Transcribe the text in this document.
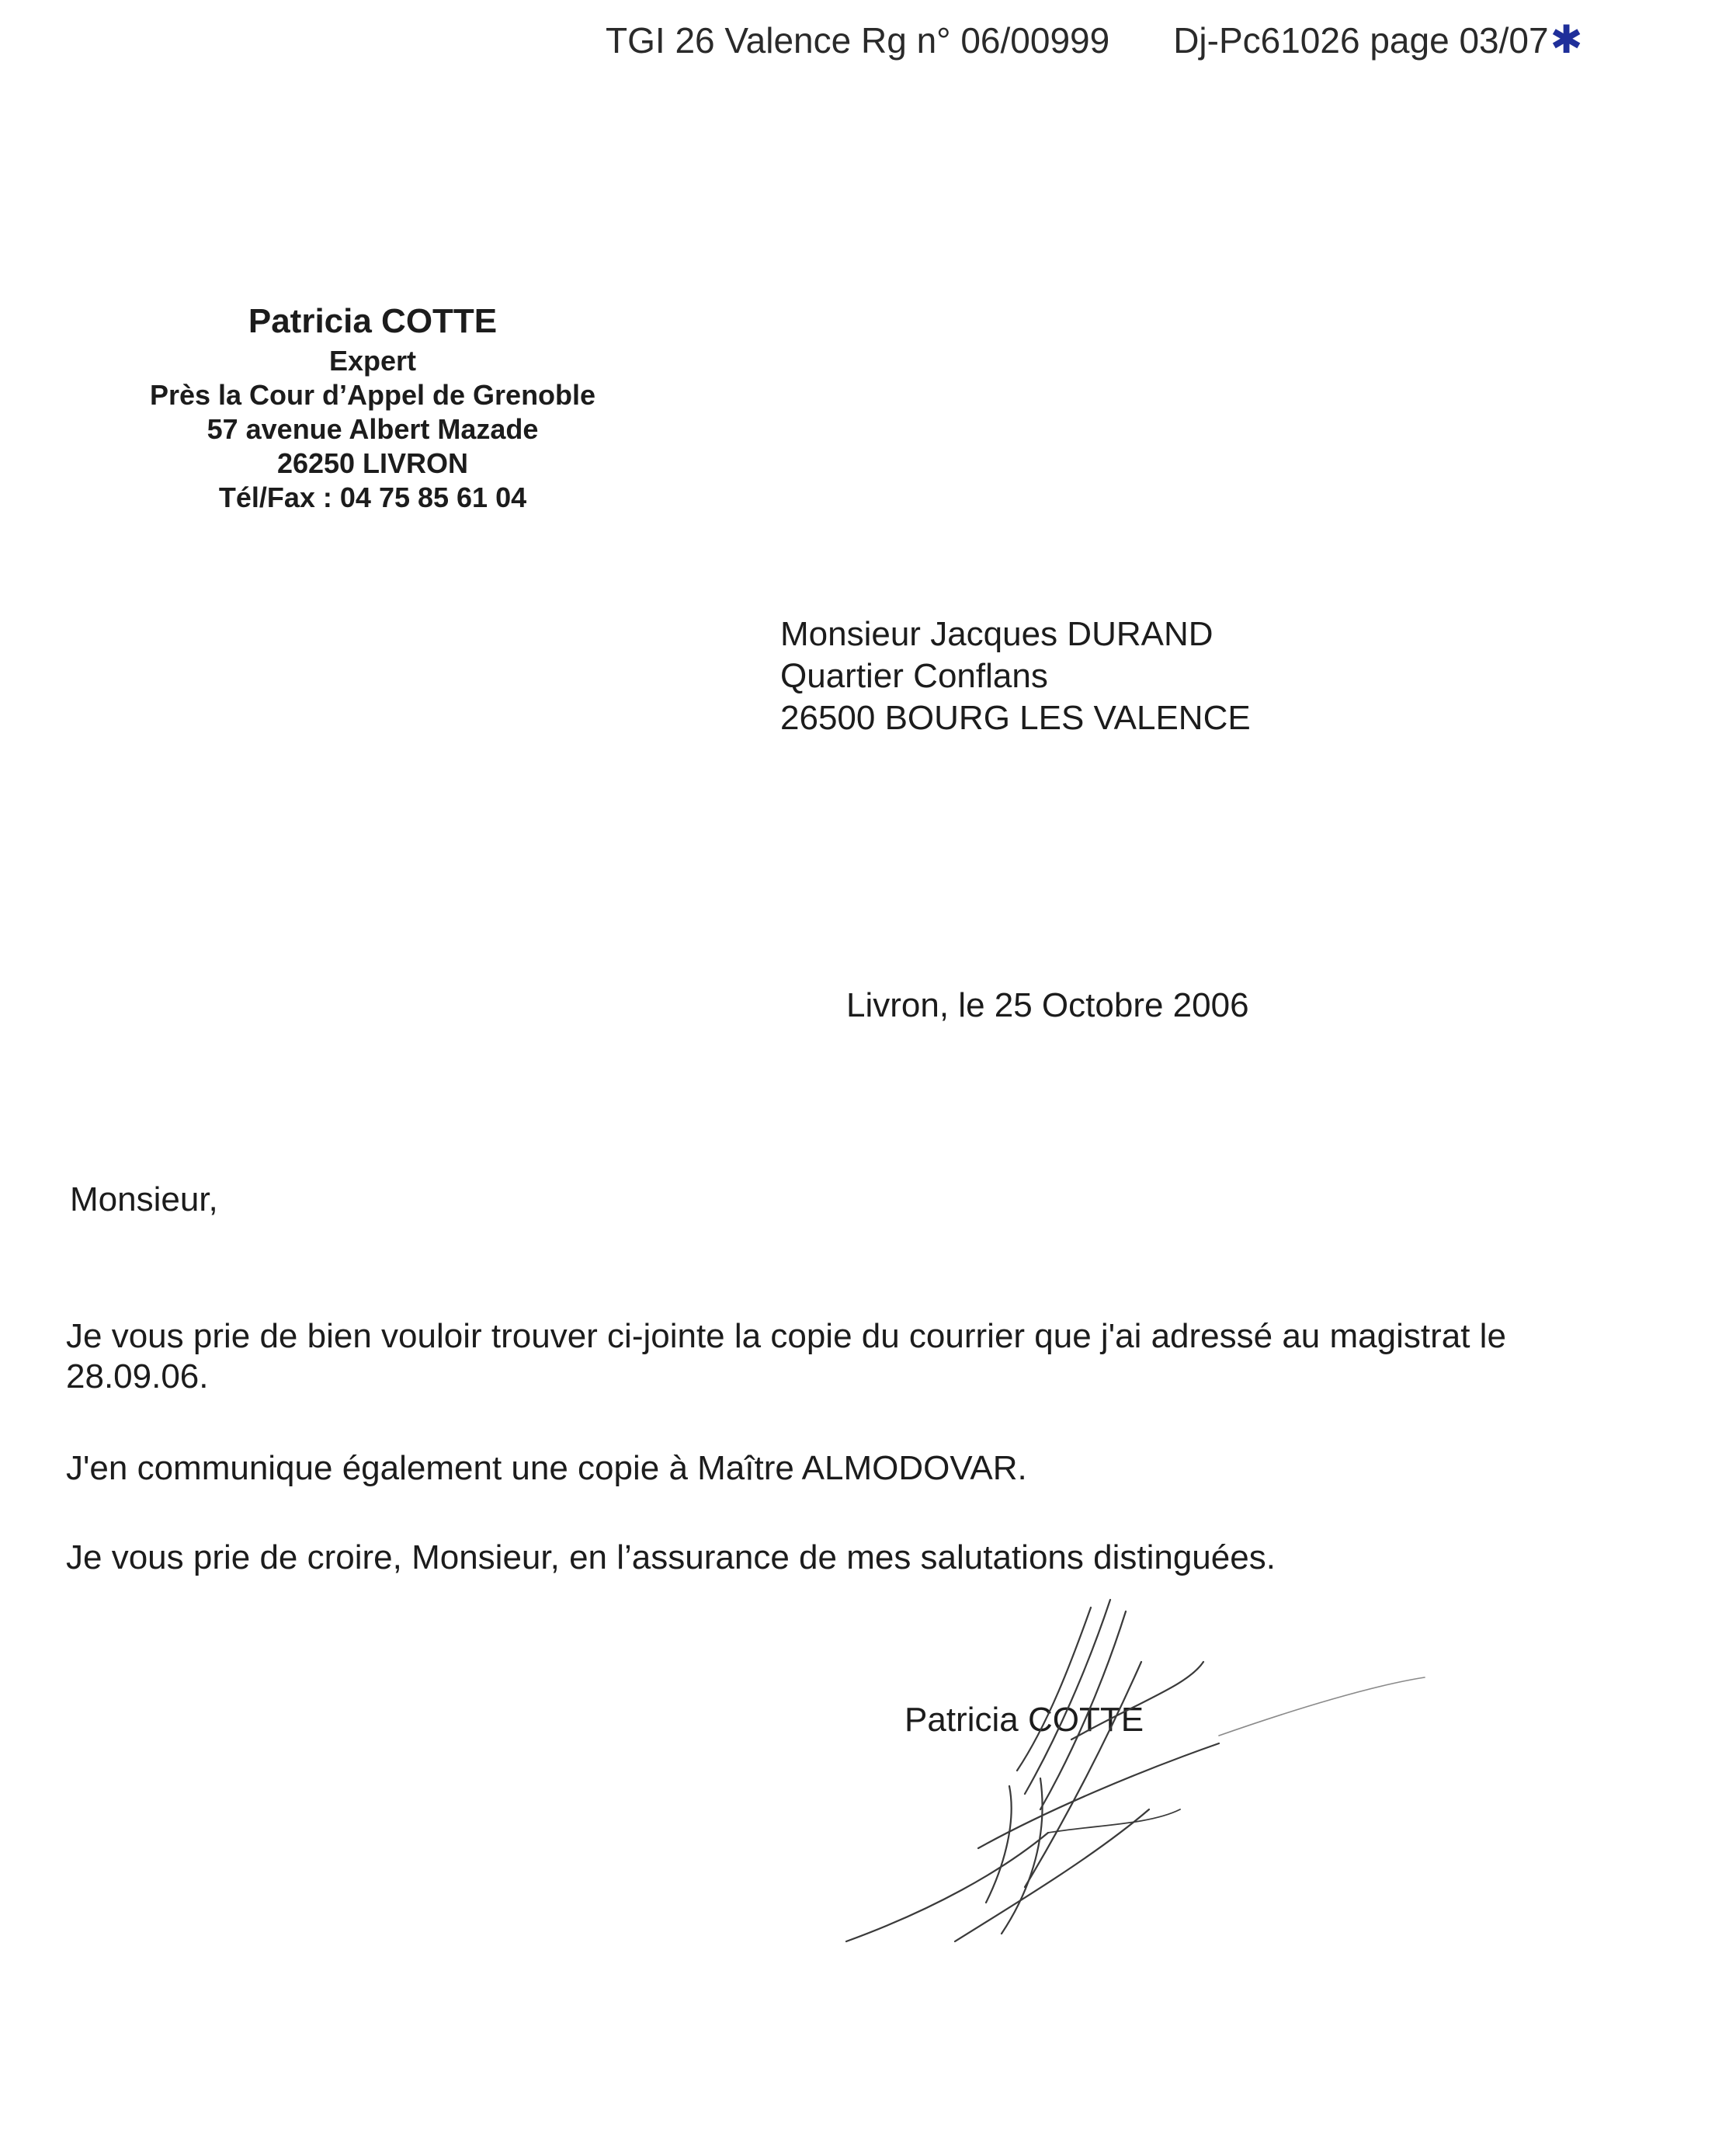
TGI 26 Valence Rg n° 06/00999 Dj-Pc61026 page 03/07✱
Patricia COTTE
Expert
Près la Cour d’Appel de Grenoble
57 avenue Albert Mazade
26250 LIVRON
Tél/Fax : 04 75 85 61 04
Monsieur Jacques DURAND
Quartier Conflans
26500 BOURG LES VALENCE
Livron, le 25 Octobre 2006
Monsieur,
Je vous prie de bien vouloir trouver ci-jointe la copie du courrier que j'ai adressé au magistrat le 28.09.06.
J'en communique également une copie à Maître ALMODOVAR.
Je vous prie de croire, Monsieur, en l’assurance de mes salutations distinguées.
Patricia COTTE
